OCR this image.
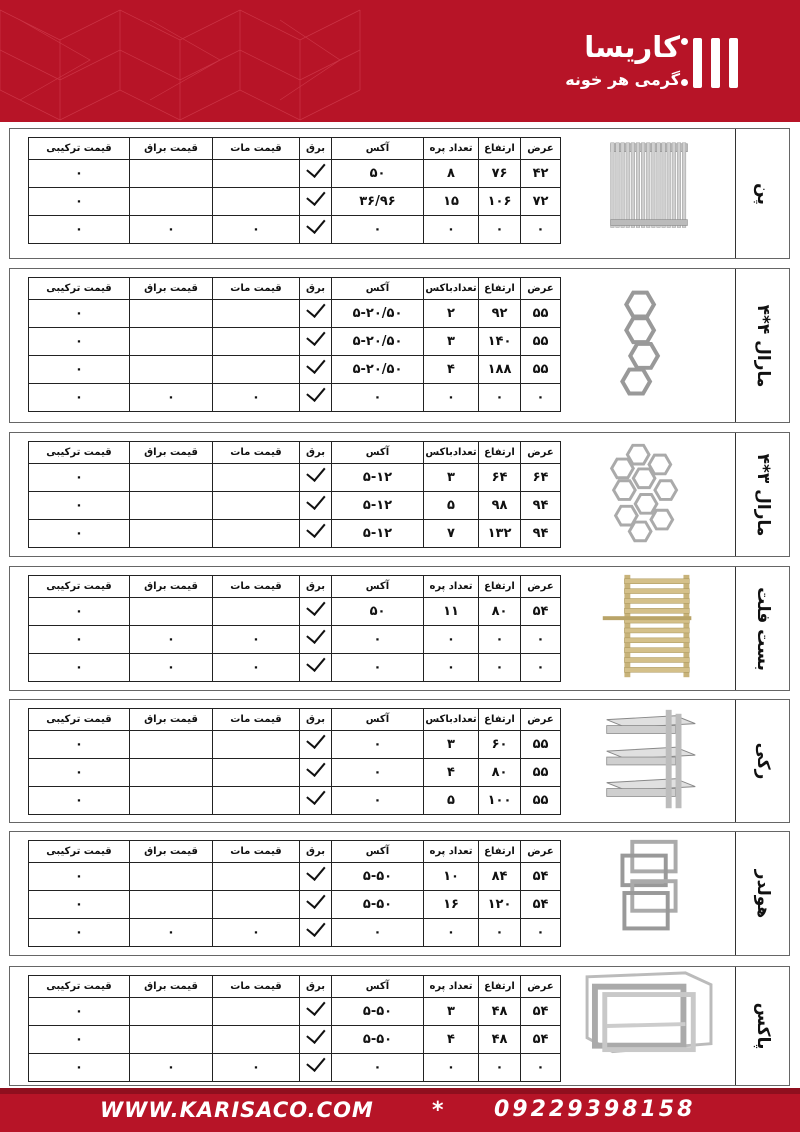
کاریسا
گرمی هر خونه
پن
قیمت ترکیبی	قیمت براق	قیمت مات	برق	آکس	تعداد پره	ارتفاع	عرض
۰				۵۰	۸	۷۶	۴۲
۰				۳۶/۹۶	۱۵	۱۰۶	۷۲
۰	۰	۰		۰	۰	۰	۰
مارال ۴*۴
قیمت ترکیبی	قیمت براق	قیمت مات	برق	آکس	تعدادباکس	ارتفاع	عرض
۰				۵-۲۰/۵۰	۲	۹۲	۵۵
۰				۵-۲۰/۵۰	۳	۱۴۰	۵۵
۰				۵-۲۰/۵۰	۴	۱۸۸	۵۵
۰	۰	۰		۰	۰	۰	۰
مارال ۳*۴
قیمت ترکیبی	قیمت براق	قیمت مات	برق	آکس	تعدادباکس	ارتفاع	عرض
۰				۵-۱۲	۳	۶۴	۶۴
۰				۵-۱۲	۵	۹۸	۹۴
۰				۵-۱۲	۷	۱۳۲	۹۴
بست فلت
قیمت ترکیبی	قیمت براق	قیمت مات	برق	آکس	تعداد پره	ارتفاع	عرض
۰				۵۰	۱۱	۸۰	۵۴
۰	۰	۰		۰	۰	۰	۰
۰	۰	۰		۰	۰	۰	۰
رکی
قیمت ترکیبی	قیمت براق	قیمت مات	برق	آکس	تعدادباکس	ارتفاع	عرض
۰				۰	۳	۶۰	۵۵
۰				۰	۴	۸۰	۵۵
۰				۰	۵	۱۰۰	۵۵
هولدر
قیمت ترکیبی	قیمت براق	قیمت مات	برق	آکس	تعداد پره	ارتفاع	عرض
۰				۵-۵۰	۱۰	۸۴	۵۴
۰				۵-۵۰	۱۶	۱۲۰	۵۴
۰	۰	۰		۰	۰	۰	۰
پاکس
قیمت ترکیبی	قیمت براق	قیمت مات	برق	آکس	تعداد پره	ارتفاع	عرض
۰				۵-۵۰	۳	۴۸	۵۴
۰				۵-۵۰	۴	۴۸	۵۴
۰	۰	۰		۰	۰	۰	۰
WWW.KARISACO.COM	* 09229398158
